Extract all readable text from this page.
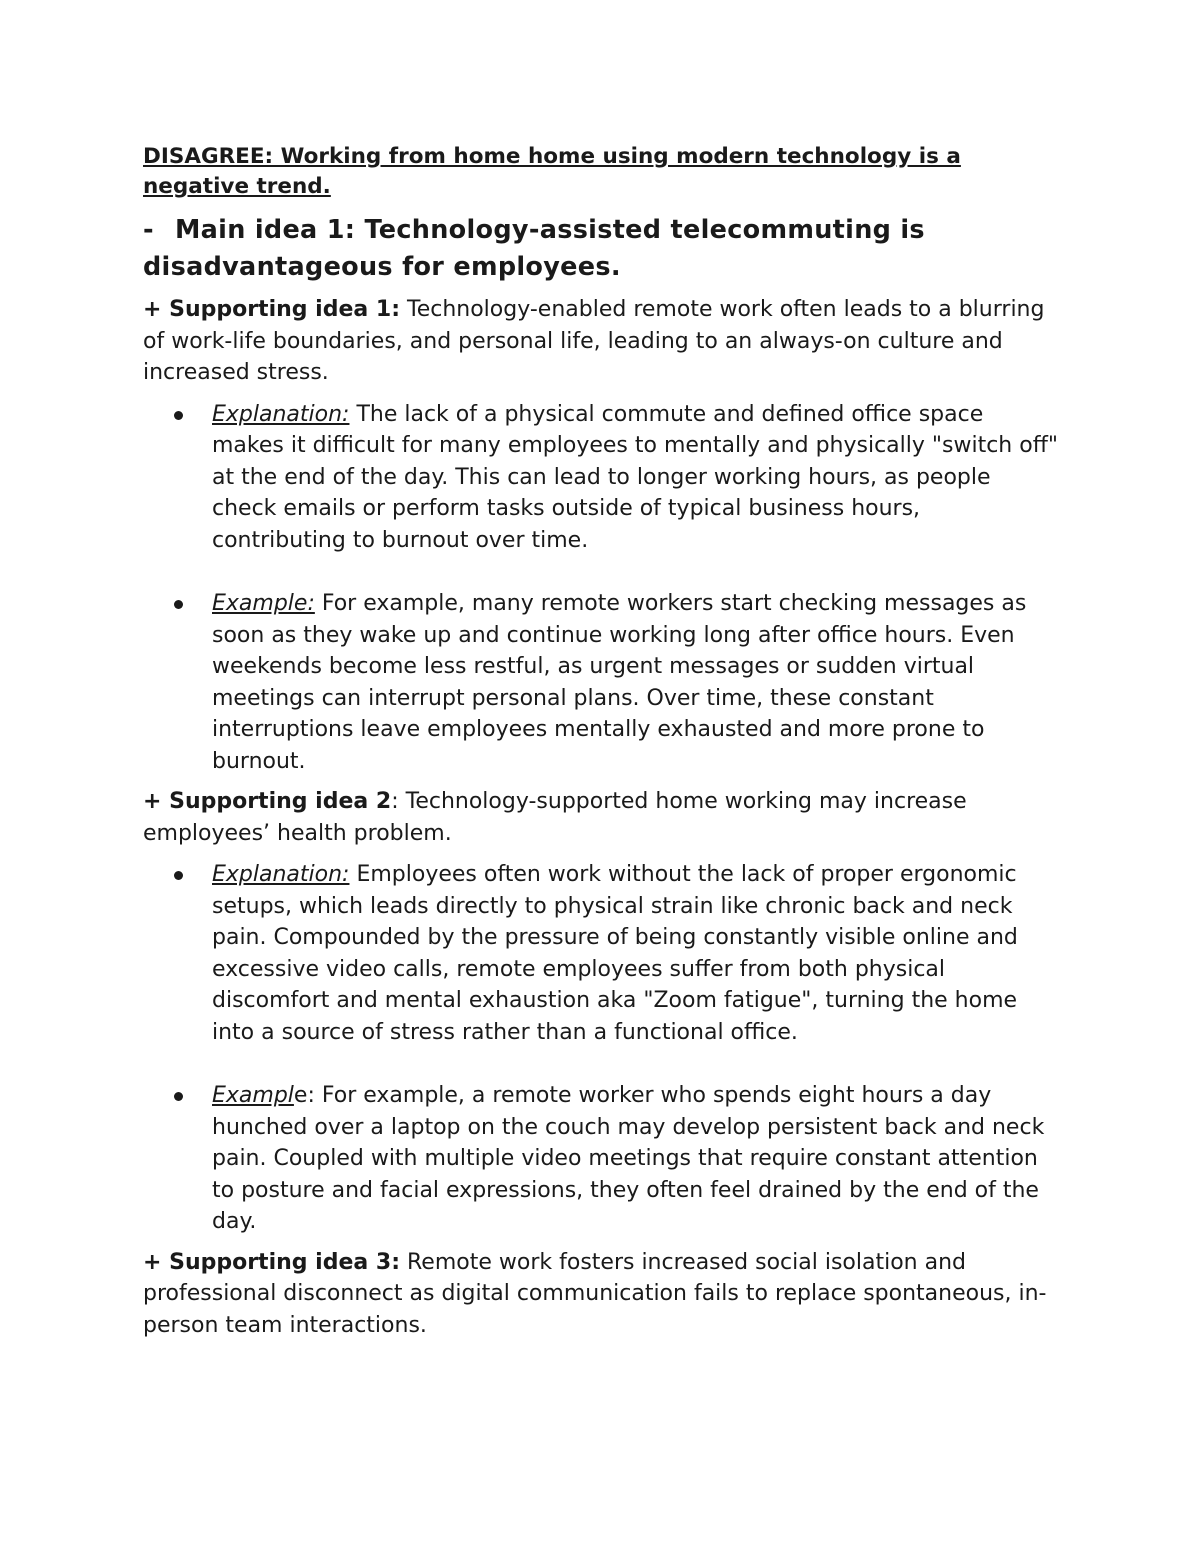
DISAGREE: Working from home home using modern technology is a negative trend.

- Main idea 1: Technology-assisted telecommuting is disadvantageous for employees.

+ Supporting idea 1: Technology-enabled remote work often leads to a blurring of work-life boundaries, and personal life, leading to an always-on culture and increased stress.

Explanation: The lack of a physical commute and defined office space makes it difficult for many employees to mentally and physically "switch off" at the end of the day. This can lead to longer working hours, as people check emails or perform tasks outside of typical business hours, contributing to burnout over time.
Example: For example, many remote workers start checking messages as soon as they wake up and continue working long after office hours. Even weekends become less restful, as urgent messages or sudden virtual meetings can interrupt personal plans. Over time, these constant interruptions leave employees mentally exhausted and more prone to burnout.

+ Supporting idea 2: Technology-supported home working may increase employees’ health problem.

Explanation: Employees often work without the lack of proper ergonomic setups, which leads directly to physical strain like chronic back and neck pain. Compounded by the pressure of being constantly visible online and excessive video calls, remote employees suffer from both physical discomfort and mental exhaustion aka "Zoom fatigue", turning the home into a source of stress rather than a functional office.
Example: For example, a remote worker who spends eight hours a day hunched over a laptop on the couch may develop persistent back and neck pain. Coupled with multiple video meetings that require constant attention to posture and facial expressions, they often feel drained by the end of the day.

+ Supporting idea 3: Remote work fosters increased social isolation and professional disconnect as digital communication fails to replace spontaneous, in-person team interactions.
